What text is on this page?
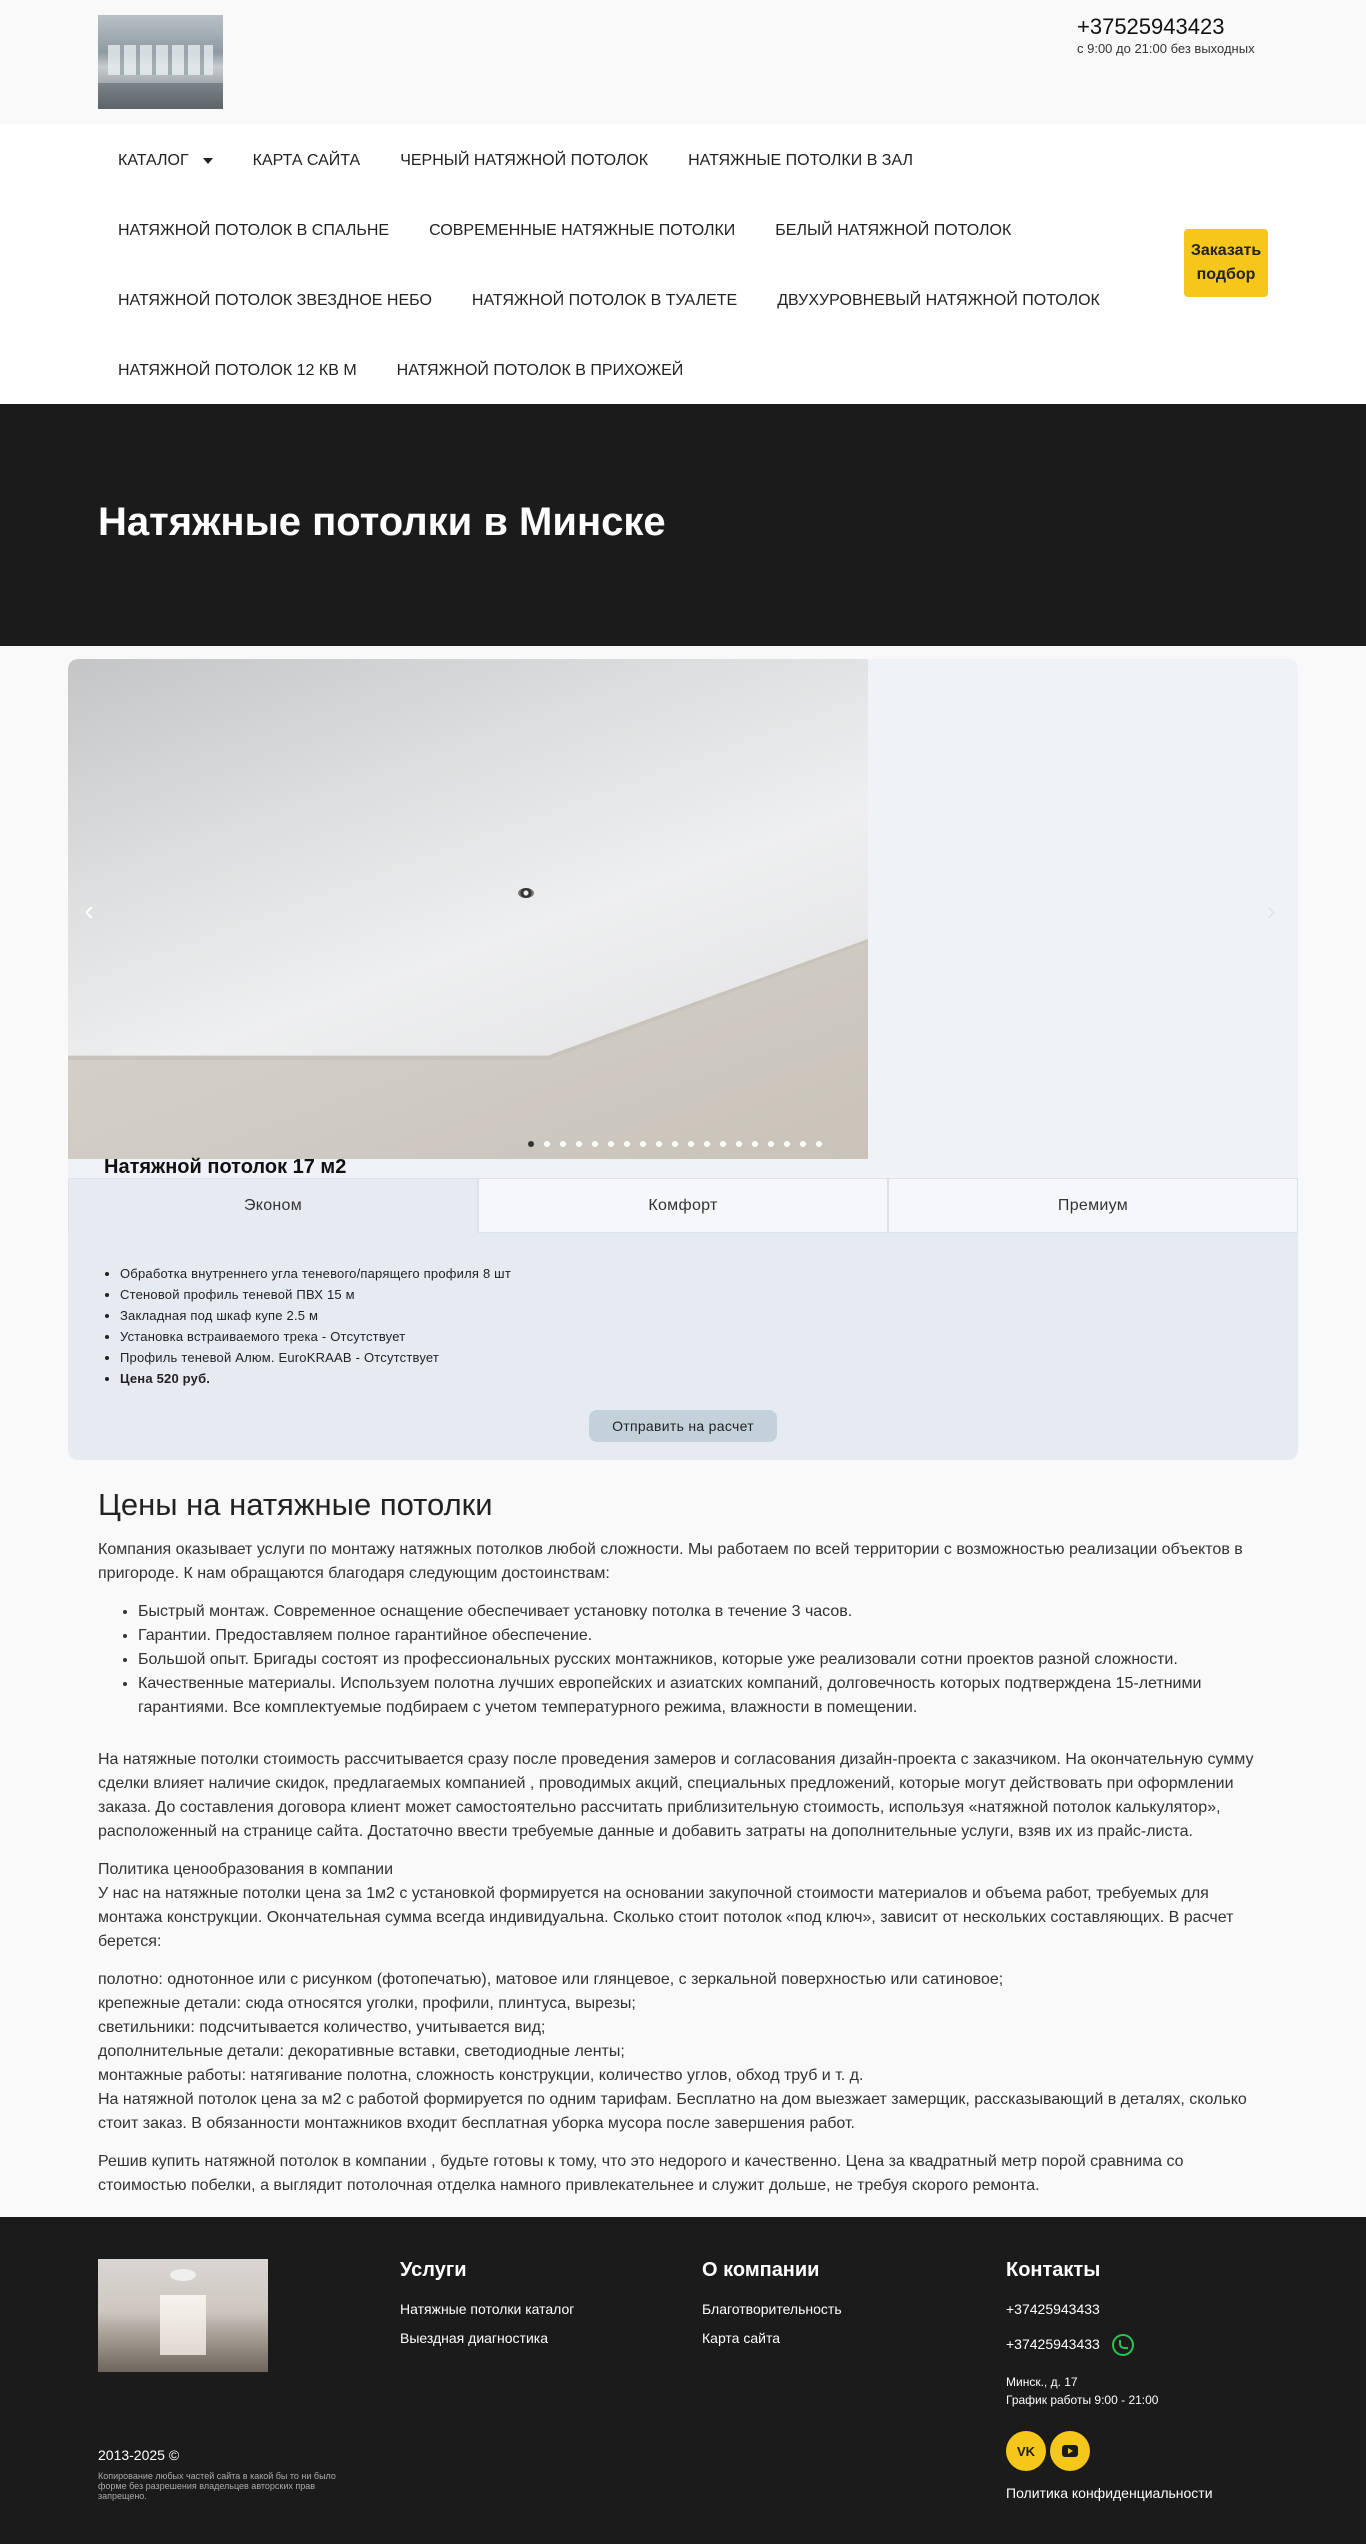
+37525943423
с 9:00 до 21:00 без выходных
КАТАЛОГ	КАРТА САЙТА	ЧЕРНЫЙ НАТЯЖНОЙ ПОТОЛОК	НАТЯЖНЫЕ ПОТОЛКИ В ЗАЛ
НАТЯЖНОЙ ПОТОЛОК В СПАЛЬНЕ	СОВРЕМЕННЫЕ НАТЯЖНЫЕ ПОТОЛКИ	БЕЛЫЙ НАТЯЖНОЙ ПОТОЛОК
НАТЯЖНОЙ ПОТОЛОК ЗВЕЗДНОЕ НЕБО	НАТЯЖНОЙ ПОТОЛОК В ТУАЛЕТЕ	ДВУХУРОВНЕВЫЙ НАТЯЖНОЙ ПОТОЛОК
НАТЯЖНОЙ ПОТОЛОК 12 КВ М	НАТЯЖНОЙ ПОТОЛОК В ПРИХОЖЕЙ
Заказать подбор
Натяжные потолки в Минске
‹	›
Натяжной потолок 17 м2
Эконом	Комфорт	Премиум
• Обработка внутреннего угла теневого/парящего профиля 8 шт
• Стеновой профиль теневой ПВХ 15 м
• Закладная под шкаф купе 2.5 м
• Установка встраиваемого трека - Отсутствует
• Профиль теневой Алюм. EuroKRAAB - Отсутствует
• Цена 520 руб.
Отправить на расчет
Цены на натяжные потолки

Компания оказывает услуги по монтажу натяжных потолков любой сложности. Мы работаем по всей территории с возможностью реализации объектов в пригороде. К нам обращаются благодаря следующим достоинствам:

• Быстрый монтаж. Современное оснащение обеспечивает установку потолка в течение 3 часов.
• Гарантии. Предоставляем полное гарантийное обеспечение.
• Большой опыт. Бригады состоят из профессиональных русских монтажников, которые уже реализовали сотни проектов разной сложности.
• Качественные материалы. Используем полотна лучших европейских и азиатских компаний, долговечность которых подтверждена 15-летними гарантиями. Все комплектуемые подбираем с учетом температурного режима, влажности в помещении.

На натяжные потолки стоимость рассчитывается сразу после проведения замеров и согласования дизайн-проекта с заказчиком. На окончательную сумму сделки влияет наличие скидок, предлагаемых компанией , проводимых акций, специальных предложений, которые могут действовать при оформлении заказа. До составления договора клиент может самостоятельно рассчитать приблизительную стоимость, используя «натяжной потолок калькулятор», расположенный на странице сайта. Достаточно ввести требуемые данные и добавить затраты на дополнительные услуги, взяв их из прайс-листа.

Политика ценообразования в компании

У нас на натяжные потолки цена за 1м2 с установкой формируется на основании закупочной стоимости материалов и объема работ, требуемых для монтажа конструкции. Окончательная сумма всегда индивидуальна. Сколько стоит потолок «под ключ», зависит от нескольких составляющих. В расчет берется:

полотно: однотонное или с рисунком (фотопечатью), матовое или глянцевое, с зеркальной поверхностью или сатиновое;

крепежные детали: сюда относятся уголки, профили, плинтуса, вырезы;

светильники: подсчитывается количество, учитывается вид;

дополнительные детали: декоративные вставки, светодиодные ленты;

монтажные работы: натягивание полотна, сложность конструкции, количество углов, обход труб и т. д.

На натяжной потолок цена за м2 с работой формируется по одним тарифам. Бесплатно на дом выезжает замерщик, рассказывающий в деталях, сколько стоит заказ. В обязанности монтажников входит бесплатная уборка мусора после завершения работ.

Решив купить натяжной потолок в компании , будьте готовы к тому, что это недорого и качественно. Цена за квадратный метр порой сравнима со стоимостью побелки, а выглядит потолочная отделка намного привлекательнее и служит дольше, не требуя скорого ремонта.

Услуги
Натяжные потолки каталог
Выездная диагностика
О компании
Благотворительность
Карта сайта
Контакты
+37425943433
+37425943433
Минск., д. 17
График работы 9:00 - 21:00
VK
Политика конфиденциальности
2013-2025 ©
Копирование любых частей сайта в какой бы то ни было форме без разрешения владельцев авторских прав запрещено.
